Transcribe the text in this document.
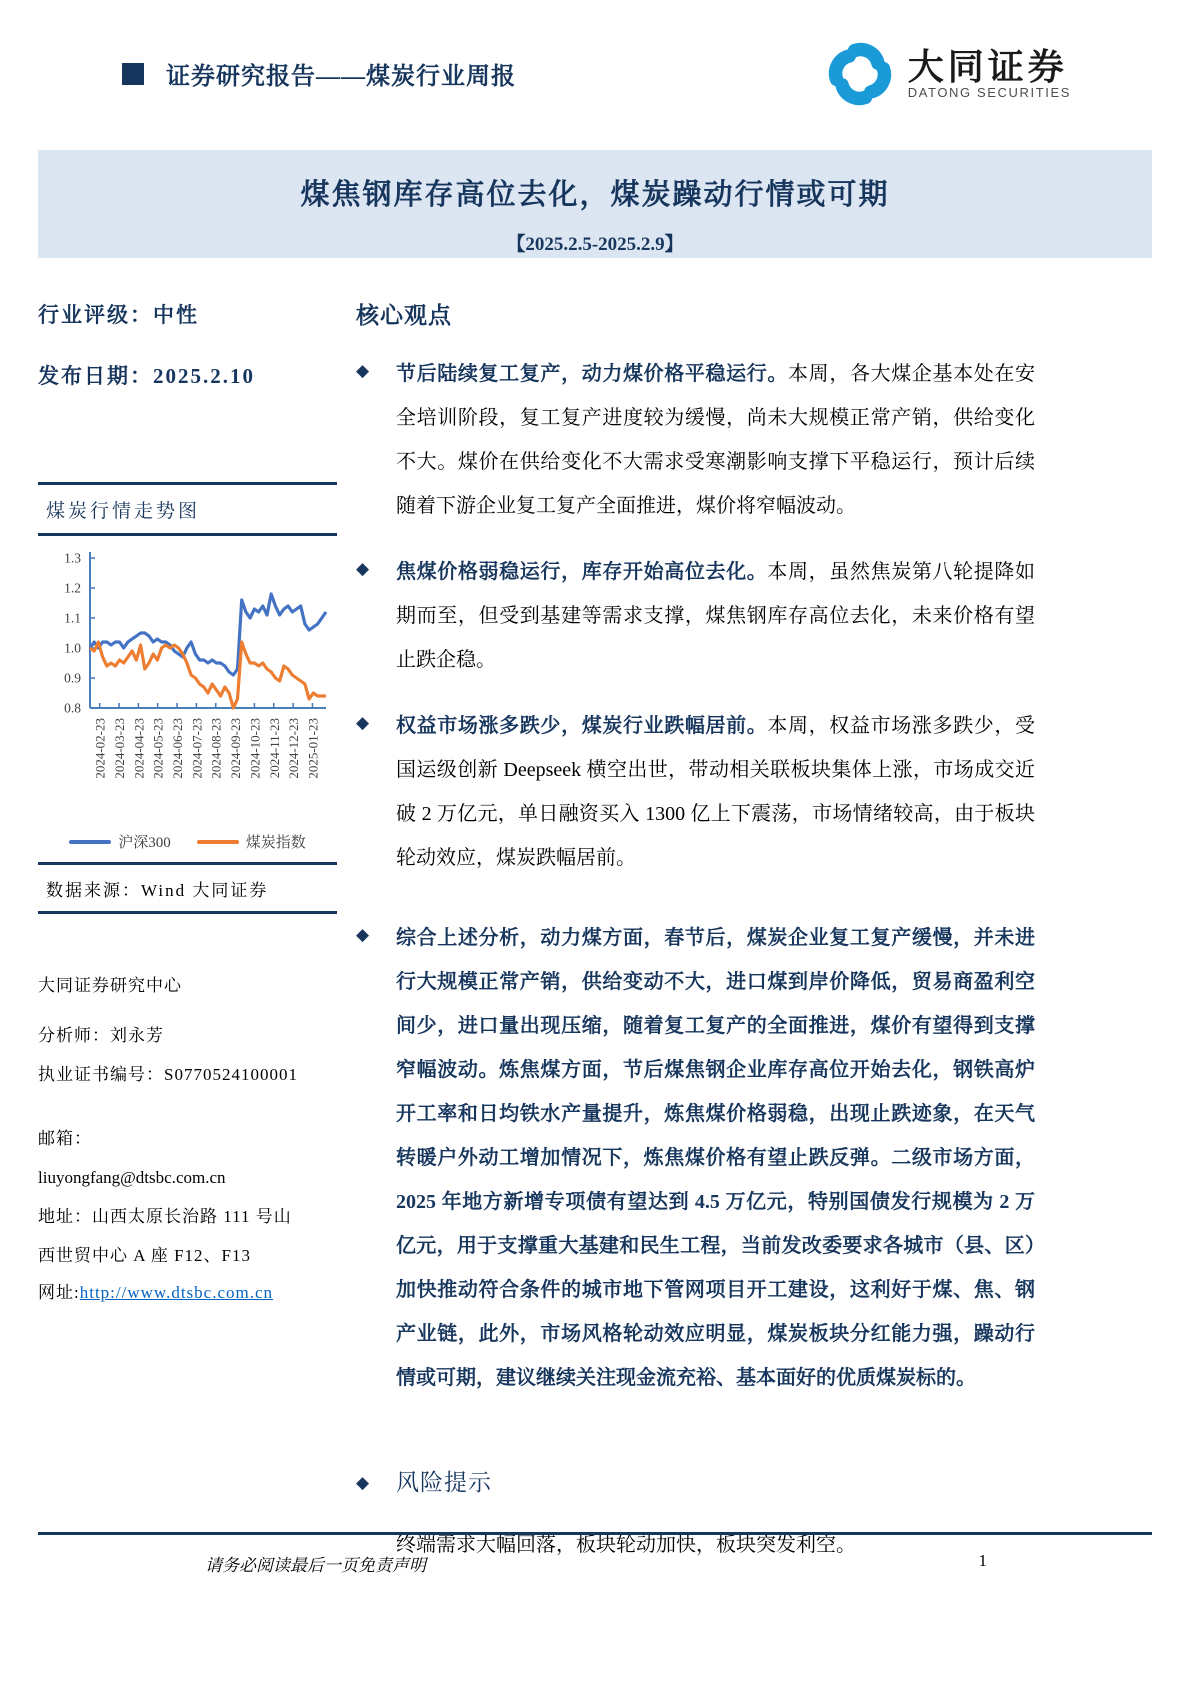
证券研究报告——煤炭行业周报	大同证券
DATONG SECURITIES
煤焦钢库存高位去化，煤炭躁动行情或可期
【2025.2.5-2025.2.9】
行业评级：中性
发布日期：2025.2.10
煤炭行情走势图
0.8
0.9
1.0
1.1
1.2
1.3
2024-02-23 2024-03-23 2024-04-23 2024-05-23 2024-06-23 2024-07-23 2024-08-23 2024-09-23 2024-10-23 2024-11-23 2024-12-23 2025-01-23
沪深300	煤炭指数
数据来源：Wind 大同证券

大同证券研究中心

分析师：刘永芳

执业证书编号：S0770524100001

邮箱：

liuyongfang@dtsbc.com.cn

地址：山西太原长治路 111 号山

西世贸中心 A 座 F12、F13

网址:http://www.dtsbc.com.cn

核心观点
◆	节后陆续复工复产，动力煤价格平稳运行。本周，各大煤企基本处在安全培训阶段，复工复产进度较为缓慢，尚未大规模正常产销，供给变化不大。煤价在供给变化不大需求受寒潮影响支撑下平稳运行，预计后续随着下游企业复工复产全面推进，煤价将窄幅波动。
◆	焦煤价格弱稳运行，库存开始高位去化。本周，虽然焦炭第八轮提降如期而至，但受到基建等需求支撑，煤焦钢库存高位去化，未来价格有望止跌企稳。
◆	权益市场涨多跌少，煤炭行业跌幅居前。本周，权益市场涨多跌少，受国运级创新 Deepseek 横空出世，带动相关联板块集体上涨，市场成交近破 2 万亿元，单日融资买入 1300 亿上下震荡，市场情绪较高，由于板块轮动效应，煤炭跌幅居前。
◆	综合上述分析，动力煤方面，春节后，煤炭企业复工复产缓慢，并未进行大规模正常产销，供给变动不大，进口煤到岸价降低，贸易商盈利空间少，进口量出现压缩，随着复工复产的全面推进，煤价有望得到支撑窄幅波动。炼焦煤方面，节后煤焦钢企业库存高位开始去化，钢铁高炉开工率和日均铁水产量提升，炼焦煤价格弱稳，出现止跌迹象，在天气转暖户外动工增加情况下，炼焦煤价格有望止跌反弹。二级市场方面，2025 年地方新增专项债有望达到 4.5 万亿元，特别国债发行规模为 2 万亿元，用于支撑重大基建和民生工程，当前发改委要求各城市（县、区）加快推动符合条件的城市地下管网项目开工建设，这利好于煤、焦、钢产业链，此外，市场风格轮动效应明显，煤炭板块分红能力强，躁动行情或可期，建议继续关注现金流充裕、基本面好的优质煤炭标的。
◆	风险提示
终端需求大幅回落，板块轮动加快，板块突发利空。
请务必阅读最后一页免责声明	1
